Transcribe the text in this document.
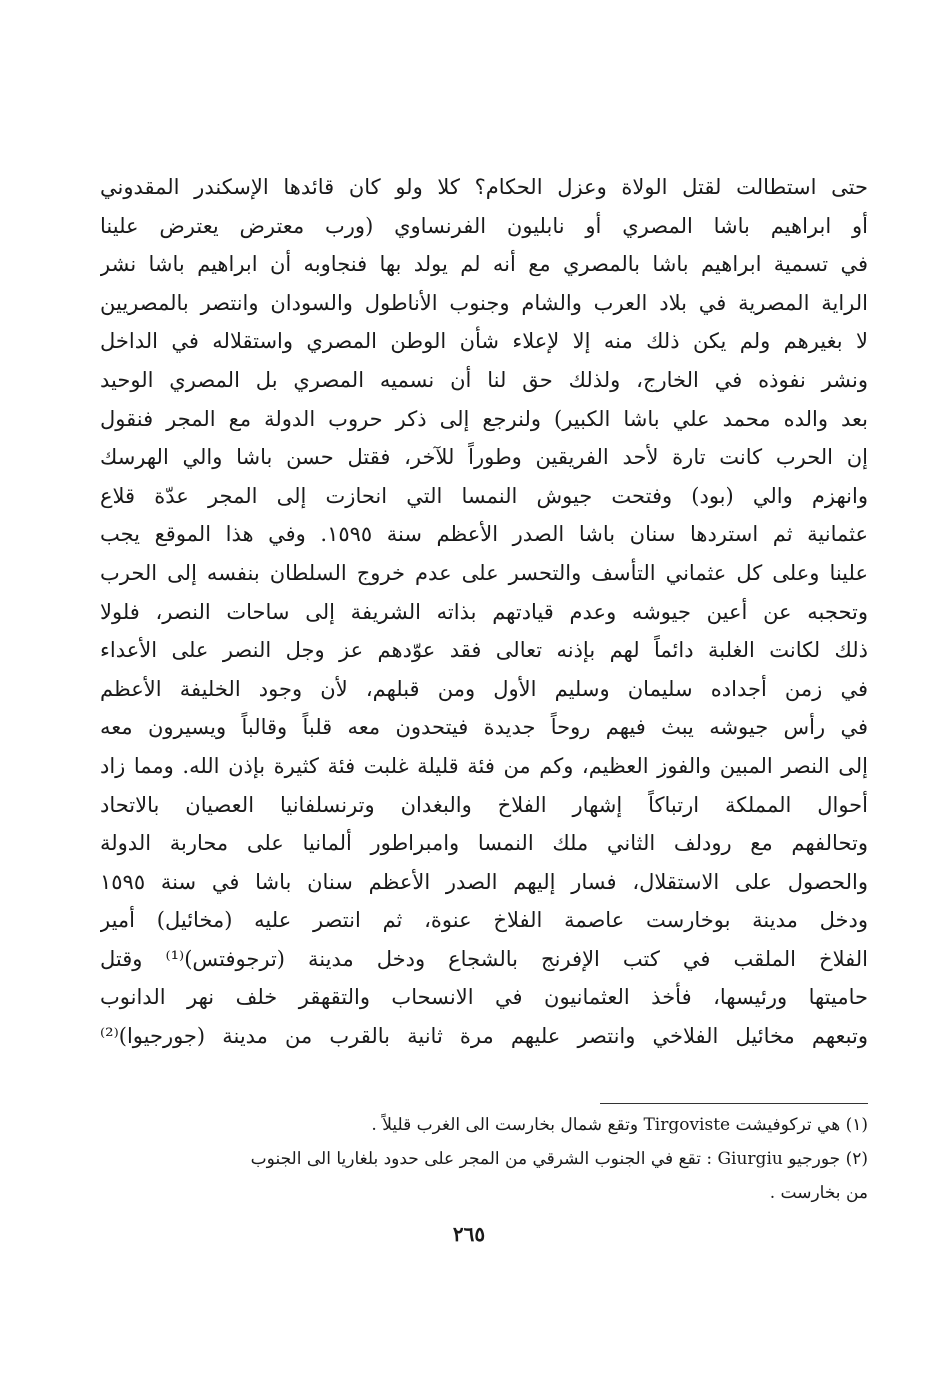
حتى استطالت لقتل الولاة وعزل الحكام؟ كلا ولو كان قائدها الإسكندر المقدوني
أو ابراهيم باشا المصري أو نابليون الفرنساوي (ورب معترض يعترض علينا
في تسمية ابراهيم باشا بالمصري مع أنه لم يولد بها فنجاوبه أن ابراهيم باشا نشر
الراية المصرية في بلاد العرب والشام وجنوب الأناطول والسودان وانتصر بالمصريين
لا بغيرهم ولم يكن ذلك منه إلا لإعلاء شأن الوطن المصري واستقلاله في الداخل
ونشر نفوذه في الخارج، ولذلك حق لنا أن نسميه المصري بل المصري الوحيد
بعد والده محمد علي باشا الكبير) ولنرجع إلى ذكر حروب الدولة مع المجر فنقول
إن الحرب كانت تارة لأحد الفريقين وطوراً للآخر، فقتل حسن باشا والي الهرسك
وانهزم والي (بود) وفتحت جيوش النمسا التي انحازت إلى المجر عدّة قلاع
عثمانية ثم استردها سنان باشا الصدر الأعظم سنة ١٥٩٥. وفي هذا الموقع يجب
علينا وعلى كل عثماني التأسف والتحسر على عدم خروج السلطان بنفسه إلى الحرب
وتحجبه عن أعين جيوشه وعدم قيادتهم بذاته الشريفة إلى ساحات النصر، فلولا
ذلك لكانت الغلبة دائماً لهم بإذنه تعالى فقد عوّدهم عز وجل النصر على الأعداء
في زمن أجداده سليمان وسليم الأول ومن قبلهم، لأن وجود الخليفة الأعظم
في رأس جيوشه يبث فيهم روحاً جديدة فيتحدون معه قلباً وقالباً ويسيرون معه
إلى النصر المبين والفوز العظيم، وكم من فئة قليلة غلبت فئة كثيرة بإذن الله. ومما زاد
أحوال المملكة ارتباكاً إشهار الفلاخ والبغدان وترنسلفانيا العصيان بالاتحاد
وتحالفهم مع رودلف الثاني ملك النمسا وامبراطور ألمانيا على محاربة الدولة
والحصول على الاستقلال، فسار إليهم الصدر الأعظم سنان باشا في سنة ١٥٩٥
ودخل مدينة بوخارست عاصمة الفلاخ عنوة، ثم انتصر عليه (مخائيل) أمير
الفلاخ الملقب في كتب الإفرنج بالشجاع ودخل مدينة (ترجوفتس)⁽¹⁾ وقتل
حاميتها ورئيسها، فأخذ العثمانيون في الانسحاب والتقهقر خلف نهر الدانوب
وتبعهم مخائيل الفلاخي وانتصر عليهم مرة ثانية بالقرب من مدينة (جورجيوا)⁽²⁾
(١) هي تركوفيشت Tirgoviste وتقع شمال بخارست الى الغرب قليلاً .
(٢) جورجيو Giurgiu : تقع في الجنوب الشرقي من المجر على حدود بلغاريا الى الجنوب
من بخارست .
٢٦٥
